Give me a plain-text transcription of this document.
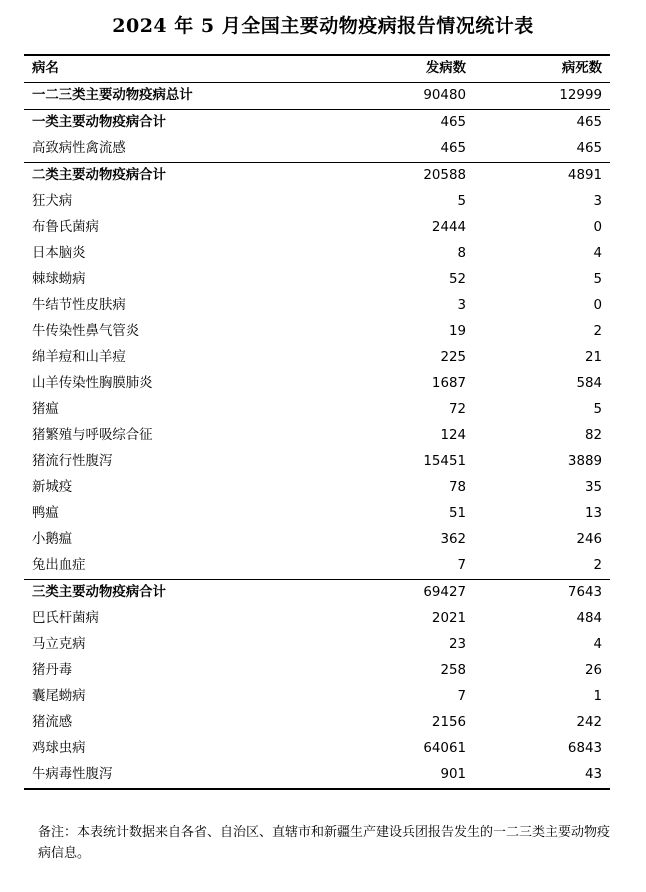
2024 年 5 月全国主要动物疫病报告情况统计表
病名	发病数	病死数
一二三类主要动物疫病总计	90480	12999
一类主要动物疫病合计	465	465
高致病性禽流感	465	465
二类主要动物疫病合计	20588	4891
狂犬病	5	3
布鲁氏菌病	2444	0
日本脑炎	8	4
棘球蚴病	52	5
牛结节性皮肤病	3	0
牛传染性鼻气管炎	19	2
绵羊痘和山羊痘	225	21
山羊传染性胸膜肺炎	1687	584
猪瘟	72	5
猪繁殖与呼吸综合征	124	82
猪流行性腹泻	15451	3889
新城疫	78	35
鸭瘟	51	13
小鹅瘟	362	246
兔出血症	7	2
三类主要动物疫病合计	69427	7643
巴氏杆菌病	2021	484
马立克病	23	4
猪丹毒	258	26
囊尾蚴病	7	1
猪流感	2156	242
鸡球虫病	64061	6843
牛病毒性腹泻	901	43
备注：本表统计数据来自各省、自治区、直辖市和新疆生产建设兵团报告发生的一二三类主要动物疫病信息。
